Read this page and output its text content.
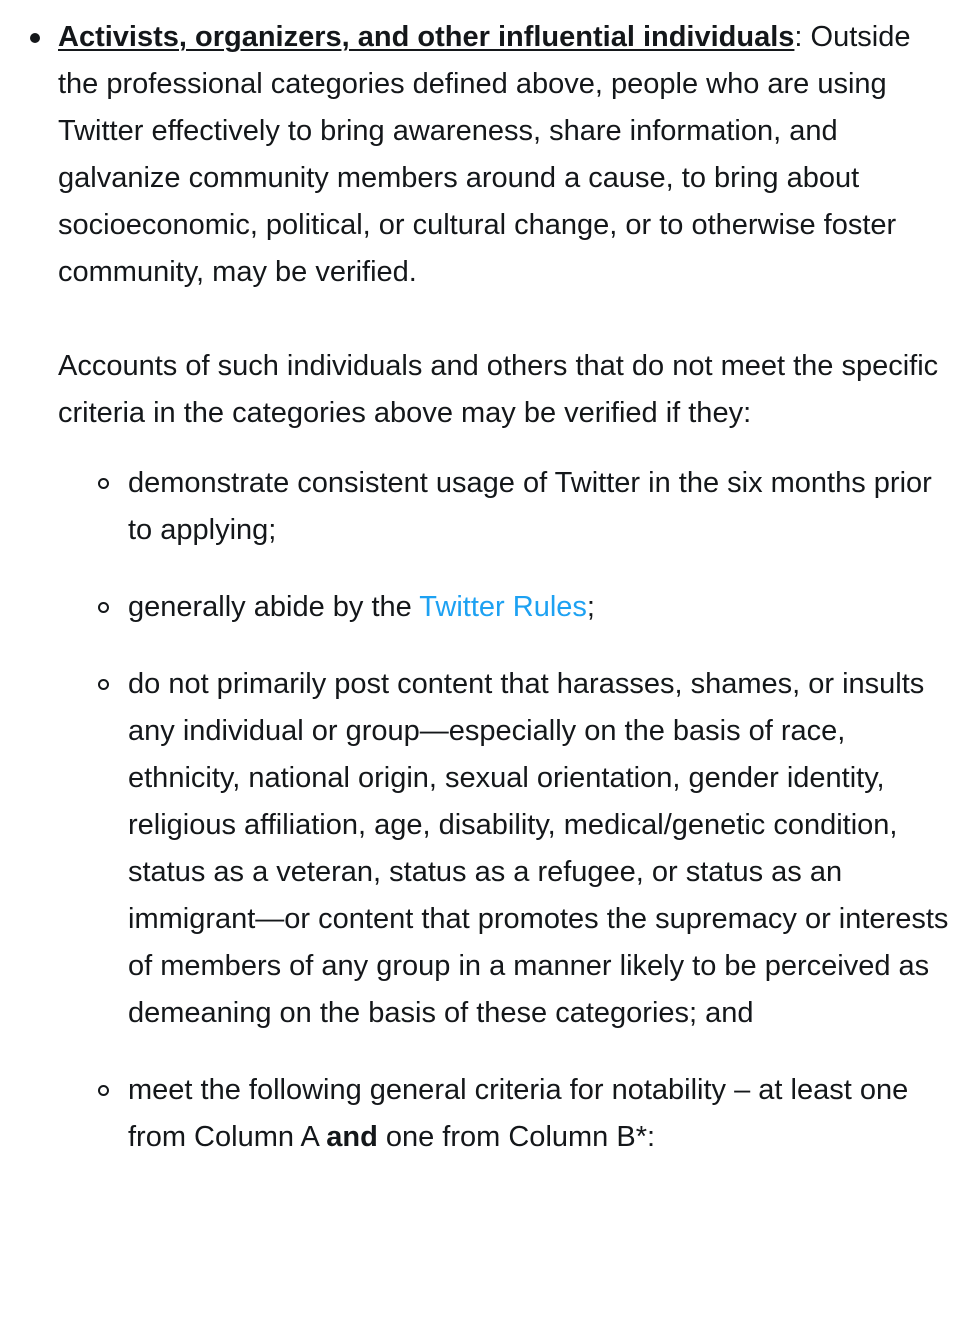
Activists, organizers, and other influential individuals: Outside the professional categories defined above, people who are using Twitter effectively to bring awareness, share information, and galvanize community members around a cause, to bring about socioeconomic, political, or cultural change, or to otherwise foster community, may be verified.

Accounts of such individuals and others that do not meet the specific criteria in the categories above may be verified if they:

demonstrate consistent usage of Twitter in the six months prior to applying;
generally abide by the Twitter Rules;
do not primarily post content that harasses, shames, or insults any individual or group—especially on the basis of race, ethnicity, national origin, sexual orientation, gender identity, religious affiliation, age, disability, medical/genetic condition, status as a veteran, status as a refugee, or status as an immigrant—or content that promotes the supremacy or interests of members of any group in a manner likely to be perceived as demeaning on the basis of these categories; and
meet the following general criteria for notability – at least one from Column A and one from Column B*:
